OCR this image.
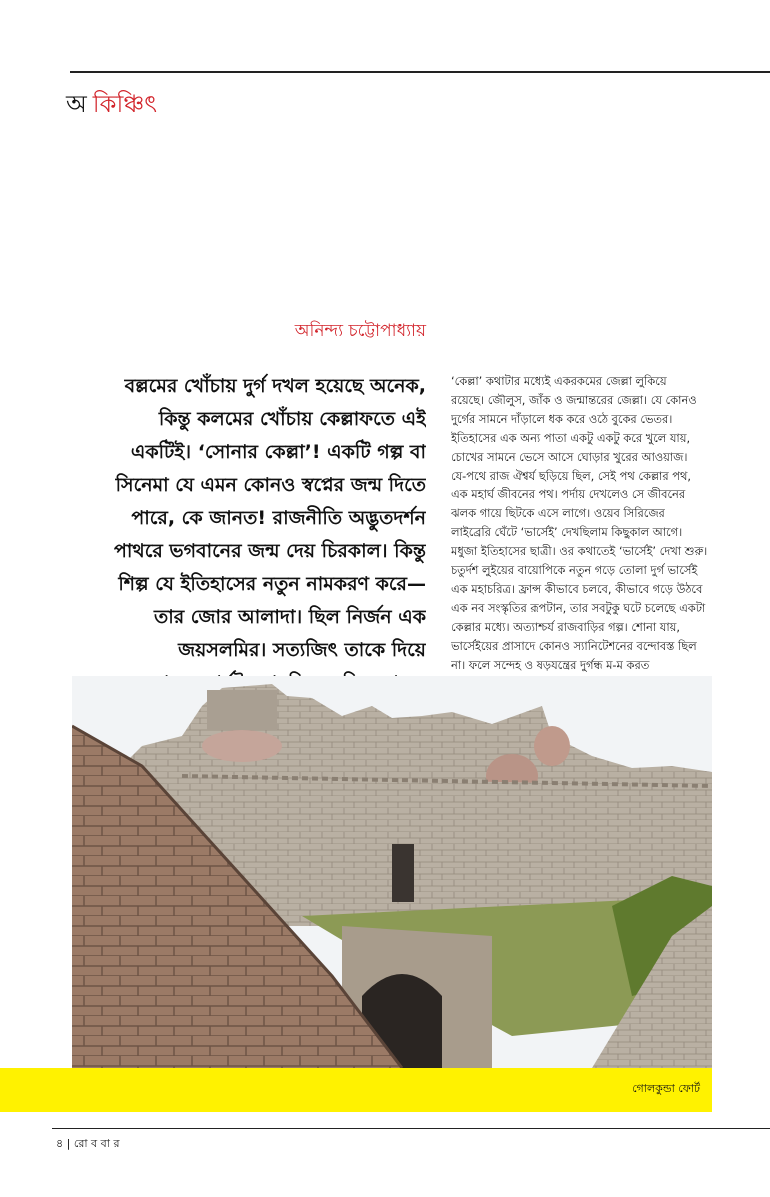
অ কিঞ্চিৎ
অনিন্দ্য চট্টোপাধ্যায়
বল্লমের খোঁচায় দুর্গ দখল হয়েছে অনেক,
কিন্তু কলমের খোঁচায় কেল্লাফতে এই
একটিই। ‘সোনার কেল্লা’! একটি গল্প বা
সিনেমা যে এমন কোনও স্বপ্নের জন্ম দিতে
পারে, কে জানত! রাজনীতি অদ্ভুতদর্শন
পাথরে ভগবানের জন্ম দেয় চিরকাল। কিন্তু
শিল্প যে ইতিহাসের নতুন নামকরণ করে—
তার জোর আলাদা। ছিল নির্জন এক
জয়সলমির। সত্যজিৎ তাকে দিয়ে
‘কেল্লা’ কথাটার মধ্যেই একরকমের জেল্লা লুকিয়ে
রয়েছে। জৌলুস, জাঁক ও জন্মান্তরের জেল্লা। যে কোনও
দুর্গের সামনে দাঁড়ালে ধক করে ওঠে বুকের ভেতর।
ইতিহাসের এক অন্য পাতা একটু একটু করে খুলে যায়,
চোখের সামনে ভেসে আসে ঘোড়ার খুরের আওয়াজ।
যে-পথে রাজ ঐশ্বর্য ছড়িয়ে ছিল, সেই পথ কেল্লার পথ,
এক মহার্ঘ জীবনের পথ। পর্দায় দেখলেও সে জীবনের
ঝলক গায়ে ছিটকে এসে লাগে। ওয়েব সিরিজের
লাইব্রেরি ঘেঁটে ‘ভার্সেই’ দেখছিলাম কিছুকাল আগে।
মধুজা ইতিহাসের ছাত্রী। ওর কথাতেই ‘ভার্সেই’ দেখা শুরু।
চতুর্দশ লুইয়ের বায়োপিকে নতুন গড়ে তোলা দুর্গ ভার্সেই
এক মহাচরিত্র। ফ্রান্স কীভাবে চলবে, কীভাবে গড়ে উঠবে
এক নব সংস্কৃতির রূপটান, তার সবটুকু ঘটে চলেছে একটা
কেল্লার মধ্যে। অত্যাশ্চর্য রাজবাড়ির গল্প। শোনা যায়,
ভার্সেইয়ের প্রাসাদে কোনও স্যানিটেশনের বন্দোবস্ত ছিল
না। ফলে সন্দেহ ও ষড়যন্ত্রের দুর্গন্ধ ম-ম করত
গোলকুন্ডা ফোর্ট
৪ | রো ব বা র
